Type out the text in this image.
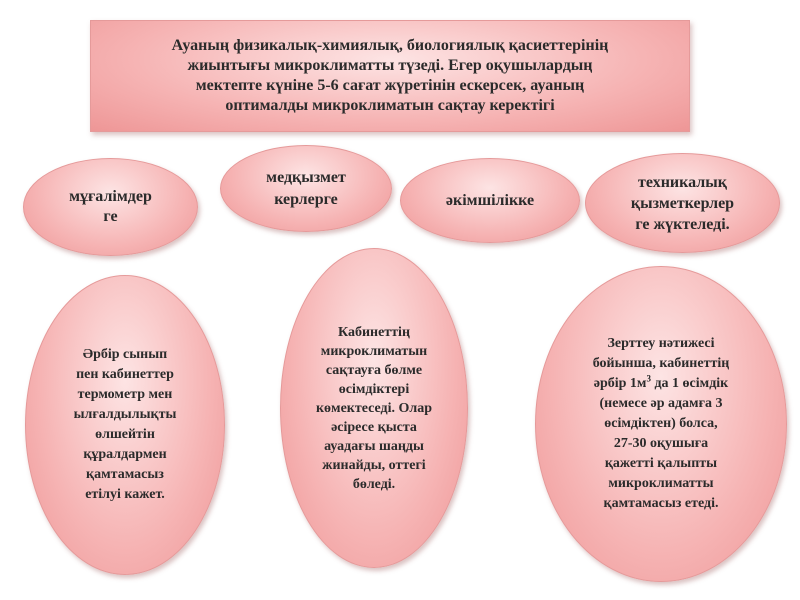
Ауаның физикалық-химиялық, биологиялық қасиеттерінің
жиынтығы микроклиматты түзеді. Егер оқушылардың
мектепте күніне 5-6 сағат жүретінін ескерсек, ауаның
оптималды микроклиматын сақтау керектігі
мұғалімдер
ге
медқызмет
керлерге	әкімшілікке
техникалық
қызметкерлер
ге жүктеледі.
Әрбір сынып
пен кабинеттер
термометр мен
ылғалдылықты
өлшейтін
құралдармен
қамтамасыз
етілуі кажет.
Кабинеттің
микроклиматын
сақтауға бөлме
өсімдіктері
көмектеседі. Олар
әсіресе қыста
ауадағы шаңды
жинайды, оттегі
бөледі.
Зерттеу нәтижесі
бойынша, кабинеттің
әрбір $1м^3$ да 1 өсімдік
(немесе әр адамға 3
өсімдіктен) болса,
27-30 оқушыға
қажетті қалыпты
микроклиматты
қамтамасыз етеді.
